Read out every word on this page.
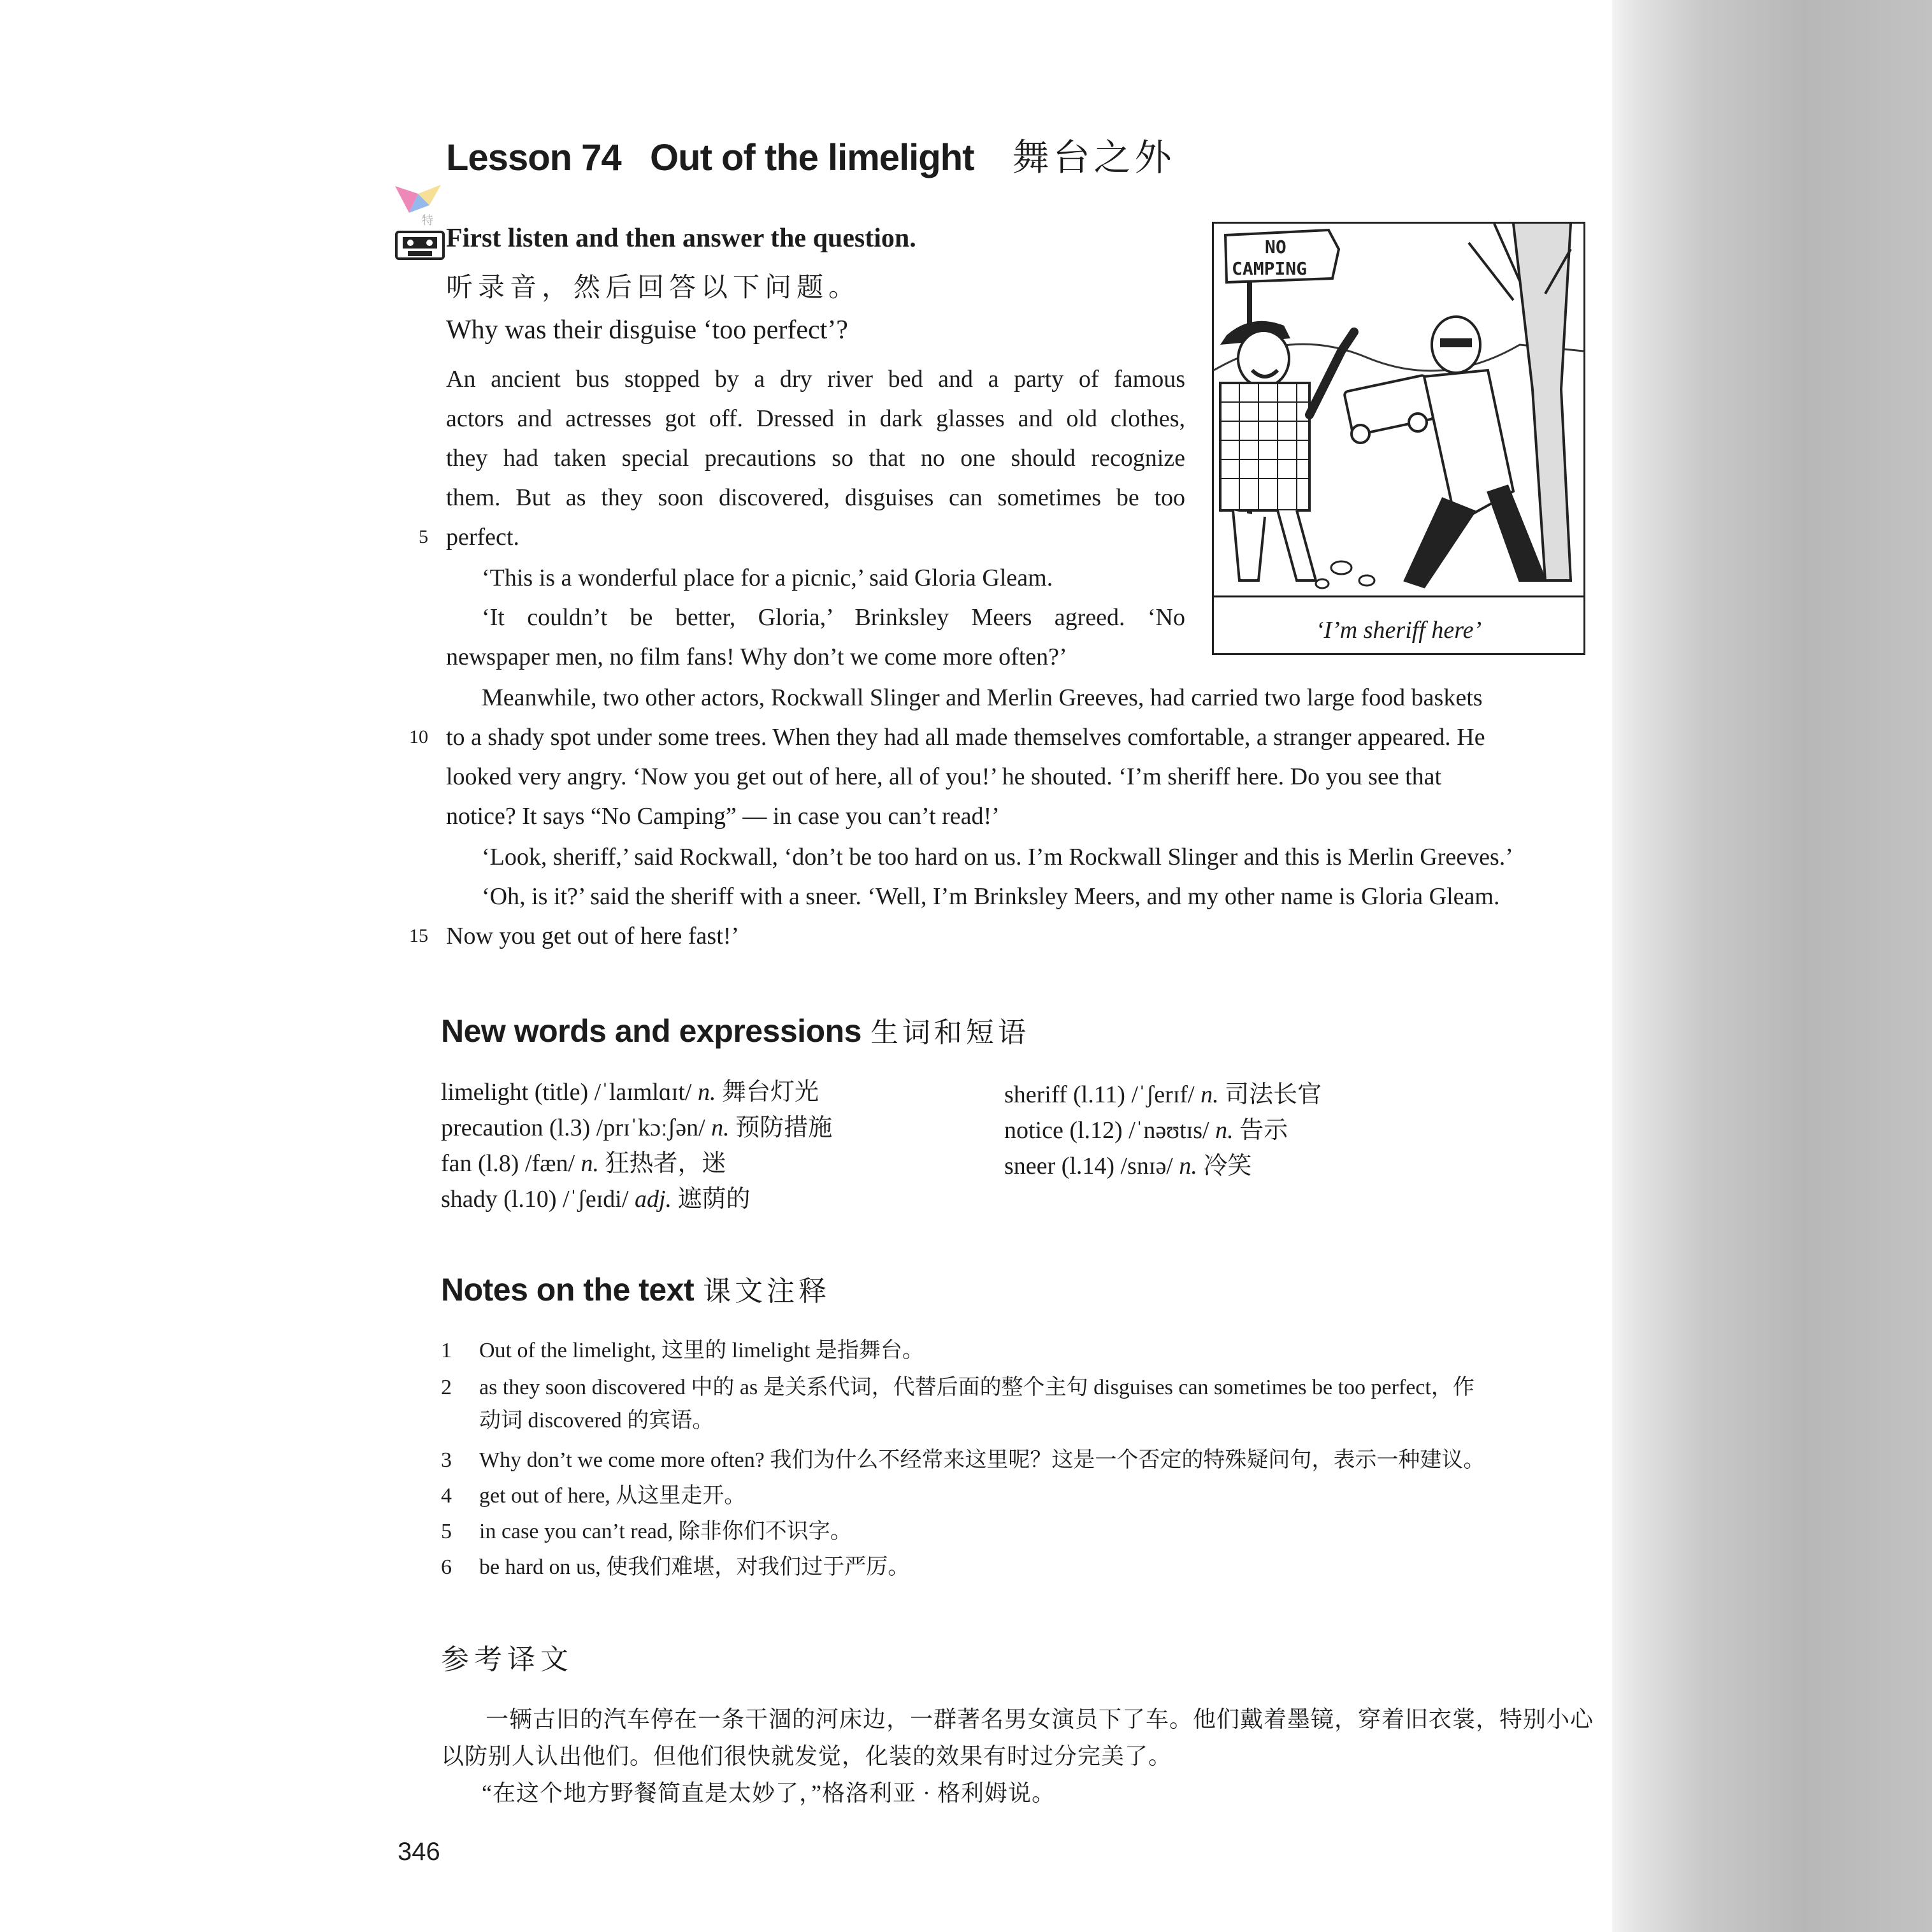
Lesson 74   Out of the limelight 舞台之外
特
First listen and then answer the question.
听录音，然后回答以下问题。
Why was their disguise ‘too perfect’?
An ancient bus stopped by a dry river bed and a party of famous
actors and actresses got off. Dressed in dark glasses and old clothes,
they had taken special precautions so that no one should recognize
them. But as they soon discovered, disguises can sometimes be too
5 perfect.
‘This is a wonderful place for a picnic,’ said Gloria Gleam.
‘It couldn’t be better, Gloria,’ Brinksley Meers agreed. ‘No
newspaper men, no film fans! Why don’t we come more often?’
Meanwhile, two other actors, Rockwall Slinger and Merlin Greeves, had carried two large food baskets
10 to a shady spot under some trees. When they had all made themselves comfortable, a stranger appeared. He
looked very angry. ‘Now you get out of here, all of you!’ he shouted. ‘I’m sheriff here. Do you see that
notice? It says “No Camping” — in case you can’t read!’
‘Look, sheriff,’ said Rockwall, ‘don’t be too hard on us. I’m Rockwall Slinger and this is Merlin Greeves.’
‘Oh, is it?’ said the sheriff with a sneer. ‘Well, I’m Brinksley Meers, and my other name is Gloria Gleam.
15 Now you get out of here fast!’
NO
CAMPING
‘I’m sheriff here’
New words and expressions 生词和短语
limelight (title) /ˈlaɪmlɑɪt/ n. 舞台灯光
precaution (l.3) /prɪˈkɔːʃən/ n. 预防措施
fan (l.8) /fæn/ n. 狂热者，迷
shady (l.10) /ˈʃeɪdi/ adj. 遮荫的
sheriff (l.11) /ˈʃerɪf/ n. 司法长官
notice (l.12) /ˈnəʊtɪs/ n. 告示
sneer (l.14) /snɪə/ n. 冷笑
Notes on the text 课文注释
1 Out of the limelight, 这里的 limelight 是指舞台。
2 as they soon discovered 中的 as 是关系代词，代替后面的整个主句 disguises can sometimes be too perfect，作
动词 discovered 的宾语。
3 Why don’t we come more often? 我们为什么不经常来这里呢？这是一个否定的特殊疑问句，表示一种建议。
4 get out of here, 从这里走开。
5 in case you can’t read, 除非你们不识字。
6 be hard on us, 使我们难堪，对我们过于严厉。
参考译文
一辆古旧的汽车停在一条干涸的河床边，一群著名男女演员下了车。他们戴着墨镜，穿着旧衣裳，特别小心
以防别人认出他们。但他们很快就发觉，化装的效果有时过分完美了。
“在这个地方野餐简直是太妙了，”格洛利亚 · 格利姆说。
346
